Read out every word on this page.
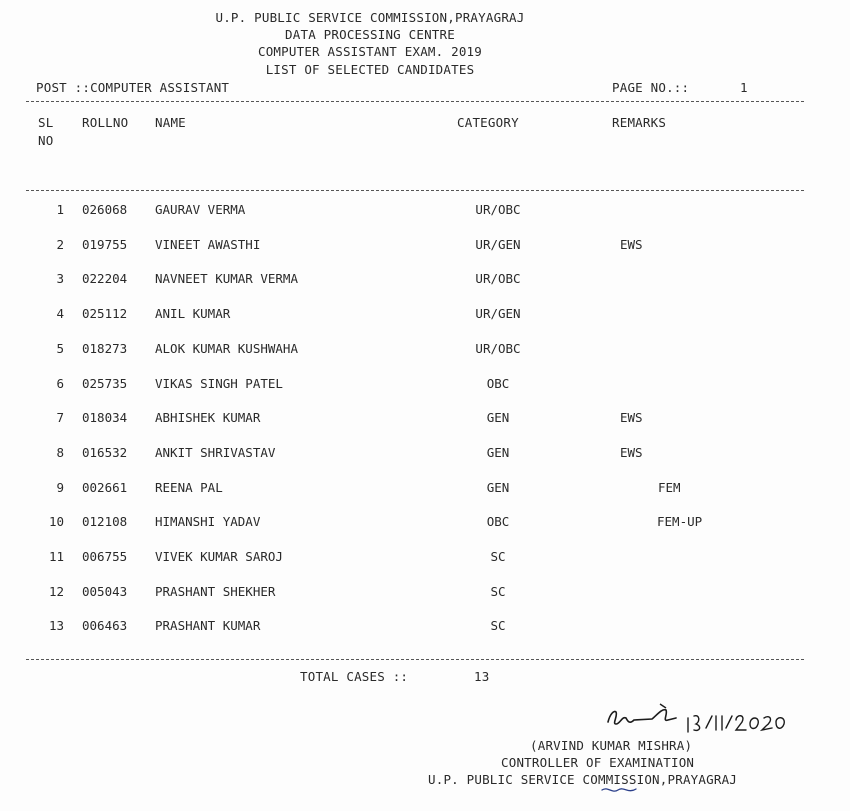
U.P. PUBLIC SERVICE COMMISSION,PRAYAGRAJ
DATA PROCESSING CENTRE
COMPUTER ASSISTANT EXAM. 2019
LIST OF SELECTED CANDIDATES
POST ::COMPUTER ASSISTANT	PAGE NO.::	1
SL
NO
ROLLNO NAME	CATEGORY	REMARKS
1 026068 GAURAV VERMA	UR/OBC
2 019755 VINEET AWASTHI	UR/GEN	EWS
3 022204 NAVNEET KUMAR VERMA	UR/OBC
4 025112 ANIL KUMAR	UR/GEN
5 018273 ALOK KUMAR KUSHWAHA	UR/OBC
6 025735 VIKAS SINGH PATEL	OBC
7 018034 ABHISHEK KUMAR	GEN	EWS
8 016532 ANKIT SHRIVASTAV	GEN	EWS
9 002661 REENA PAL	GEN	FEM
10 012108 HIMANSHI YADAV	OBC	FEM-UP
11 006755 VIVEK KUMAR SAROJ	SC
12 005043 PRASHANT SHEKHER	SC
13 006463 PRASHANT KUMAR	SC
TOTAL CASES ::	13
(ARVIND KUMAR MISHRA)
CONTROLLER OF EXAMINATION
U.P. PUBLIC SERVICE COMMISSION,PRAYAGRAJ
